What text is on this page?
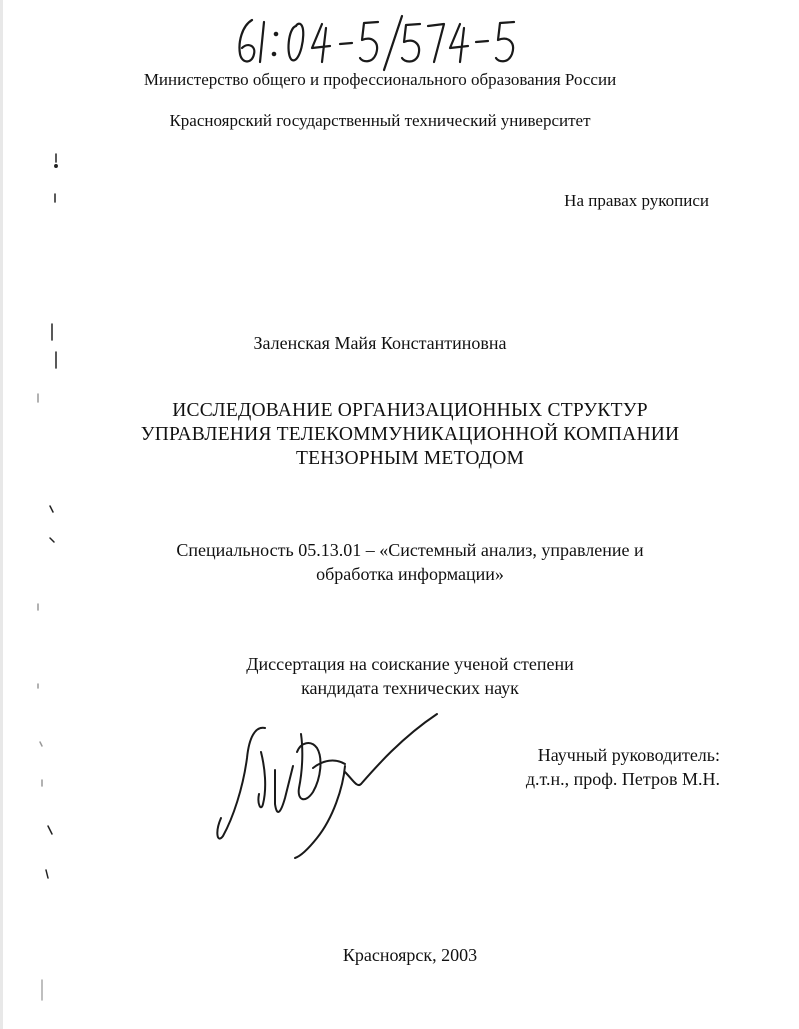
61: 04-5/574-5
Министерство общего и профессионального образования России
Красноярский государственный технический университет
На правах рукописи
Заленская Майя Константиновна
ИССЛЕДОВАНИЕ ОРГАНИЗАЦИОННЫХ СТРУКТУР
УПРАВЛЕНИЯ ТЕЛЕКОММУНИКАЦИОННОЙ КОМПАНИИ
ТЕНЗОРНЫМ МЕТОДОМ
Специальность 05.13.01 – «Системный анализ, управление и
обработка информации»
Диссертация на соискание ученой степени
кандидата технических наук
Научный руководитель:
д.т.н., проф. Петров М.Н.
Красноярск, 2003
